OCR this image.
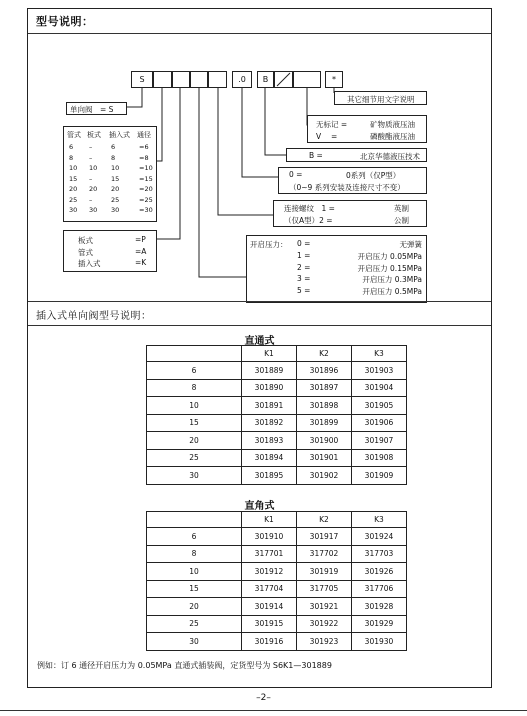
型号说明：
S	.0	B	*
单向阀　= S
其它细节用文字说明
无标记 =	矿物质液压油
V　 =	磷酸酯液压油
B =	北京华德液压技术
0 =	0系列（仅P型）
（0~9 系列安装及连接尺寸不变）
连接螺纹　1 =	英制
（仅A型）2 =	公制
管式 板式 插入式 通径
6 –	6	=6
8 –	8	=8
10 10 10	=10
15 –	15	=15
20 20 20	=20
25 –	25	=25
30 30 30	=30
板式	=P
管式	=A
插入式	=K
开启压力： 0 =	无弹簧
1 =	开启压力 0.05MPa
2 =	开启压力 0.15MPa
3 =	开启压力 0.3MPa
5 =	开启压力 0.5MPa
插入式单向阀型号说明：
直通式
	K1	K2	K3
6	301889	301896	301903
8	301890	301897	301904
10	301891	301898	301905
15	301892	301899	301906
20	301893	301900	301907
25	301894	301901	301908
30	301895	301902	301909
直角式
	K1	K2	K3
6	301910	301917	301924
8	317701	317702	317703
10	301912	301919	301926
15	317704	317705	317706
20	301914	301921	301928
25	301915	301922	301929
30	301916	301923	301930
例如：订 6 通径开启压力为 0.05MPa 直通式插装阀，定货型号为 S6K1—301889
–2–
